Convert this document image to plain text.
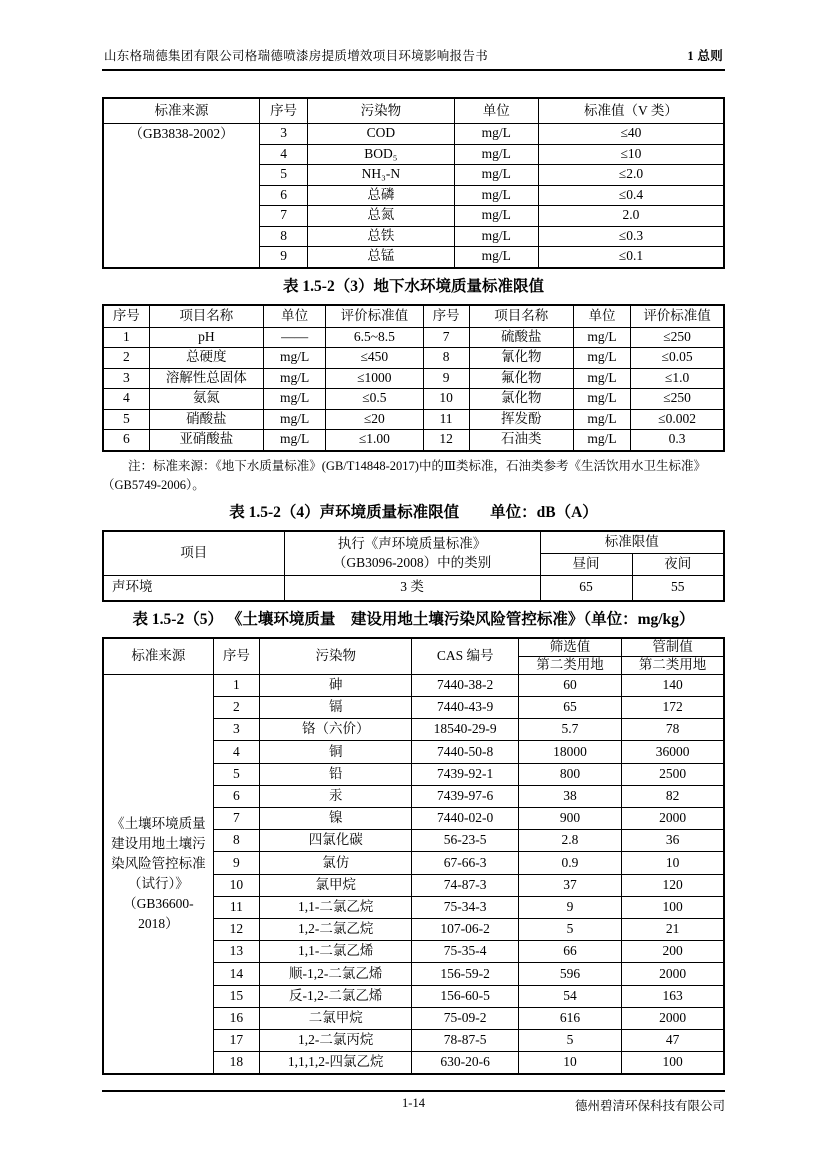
山东格瑞德集团有限公司格瑞德喷漆房提质增效项目环境影响报告书	1 总则
标准来源	序号	污染物	单位	标准值（V 类）
（GB3838-2002）	3	COD	mg/L	≤40
	4	BOD₅	mg/L	≤10
	5	NH₃-N	mg/L	≤2.0
	6	总磷	mg/L	≤0.4
	7	总氮	mg/L	2.0
	8	总铁	mg/L	≤0.3
	9	总锰	mg/L	≤0.1
表 1.5-2（3）地下水环境质量标准限值
序号	项目名称	单位	评价标准值	序号	项目名称	单位	评价标准值
1	pH	——	6.5~8.5	7	硫酸盐	mg/L	≤250
2	总硬度	mg/L	≤450	8	氰化物	mg/L	≤0.05
3	溶解性总固体	mg/L	≤1000	9	氟化物	mg/L	≤1.0
4	氨氮	mg/L	≤0.5	10	氯化物	mg/L	≤250
5	硝酸盐	mg/L	≤20	11	挥发酚	mg/L	≤0.002
6	亚硝酸盐	mg/L	≤1.00	12	石油类	mg/L	0.3
注：标准来源：《地下水质量标准》(GB/T14848-2017)中的Ⅲ类标准，石油类参考《生活饮用水卫生标准》
（GB5749-2006）。
表 1.5-2（4）声环境质量标准限值　　单位：dB（A）
项目	执行《声环境质量标准》
（GB3096-2008）中的类别	标准限值	
		昼间	夜间
声环境	3 类	65	55
表 1.5-2（5） 《土壤环境质量　建设用地土壤污染风险管控标准》（单位：mg/kg）
标准来源	序号	污染物	CAS 编号	筛选值	管制值
				第二类用地	第二类用地
《土壤环境质量 建设用地土壤污染风险管控标准（试行）》（GB36600-2018）	1	砷	7440-38-2	60	140
	2	镉	7440-43-9	65	172
	3	铬（六价）	18540-29-9	5.7	78
	4	铜	7440-50-8	18000	36000
	5	铅	7439-92-1	800	2500
	6	汞	7439-97-6	38	82
	7	镍	7440-02-0	900	2000
	8	四氯化碳	56-23-5	2.8	36
	9	氯仿	67-66-3	0.9	10
	10	氯甲烷	74-87-3	37	120
	11	1,1-二氯乙烷	75-34-3	9	100
	12	1,2-二氯乙烷	107-06-2	5	21
	13	1,1-二氯乙烯	75-35-4	66	200
	14	顺-1,2-二氯乙烯	156-59-2	596	2000
	15	反-1,2-二氯乙烯	156-60-5	54	163
	16	二氯甲烷	75-09-2	616	2000
	17	1,2-二氯丙烷	78-87-5	5	47
	18	1,1,1,2-四氯乙烷	630-20-6	10	100
1-14	德州碧清环保科技有限公司
